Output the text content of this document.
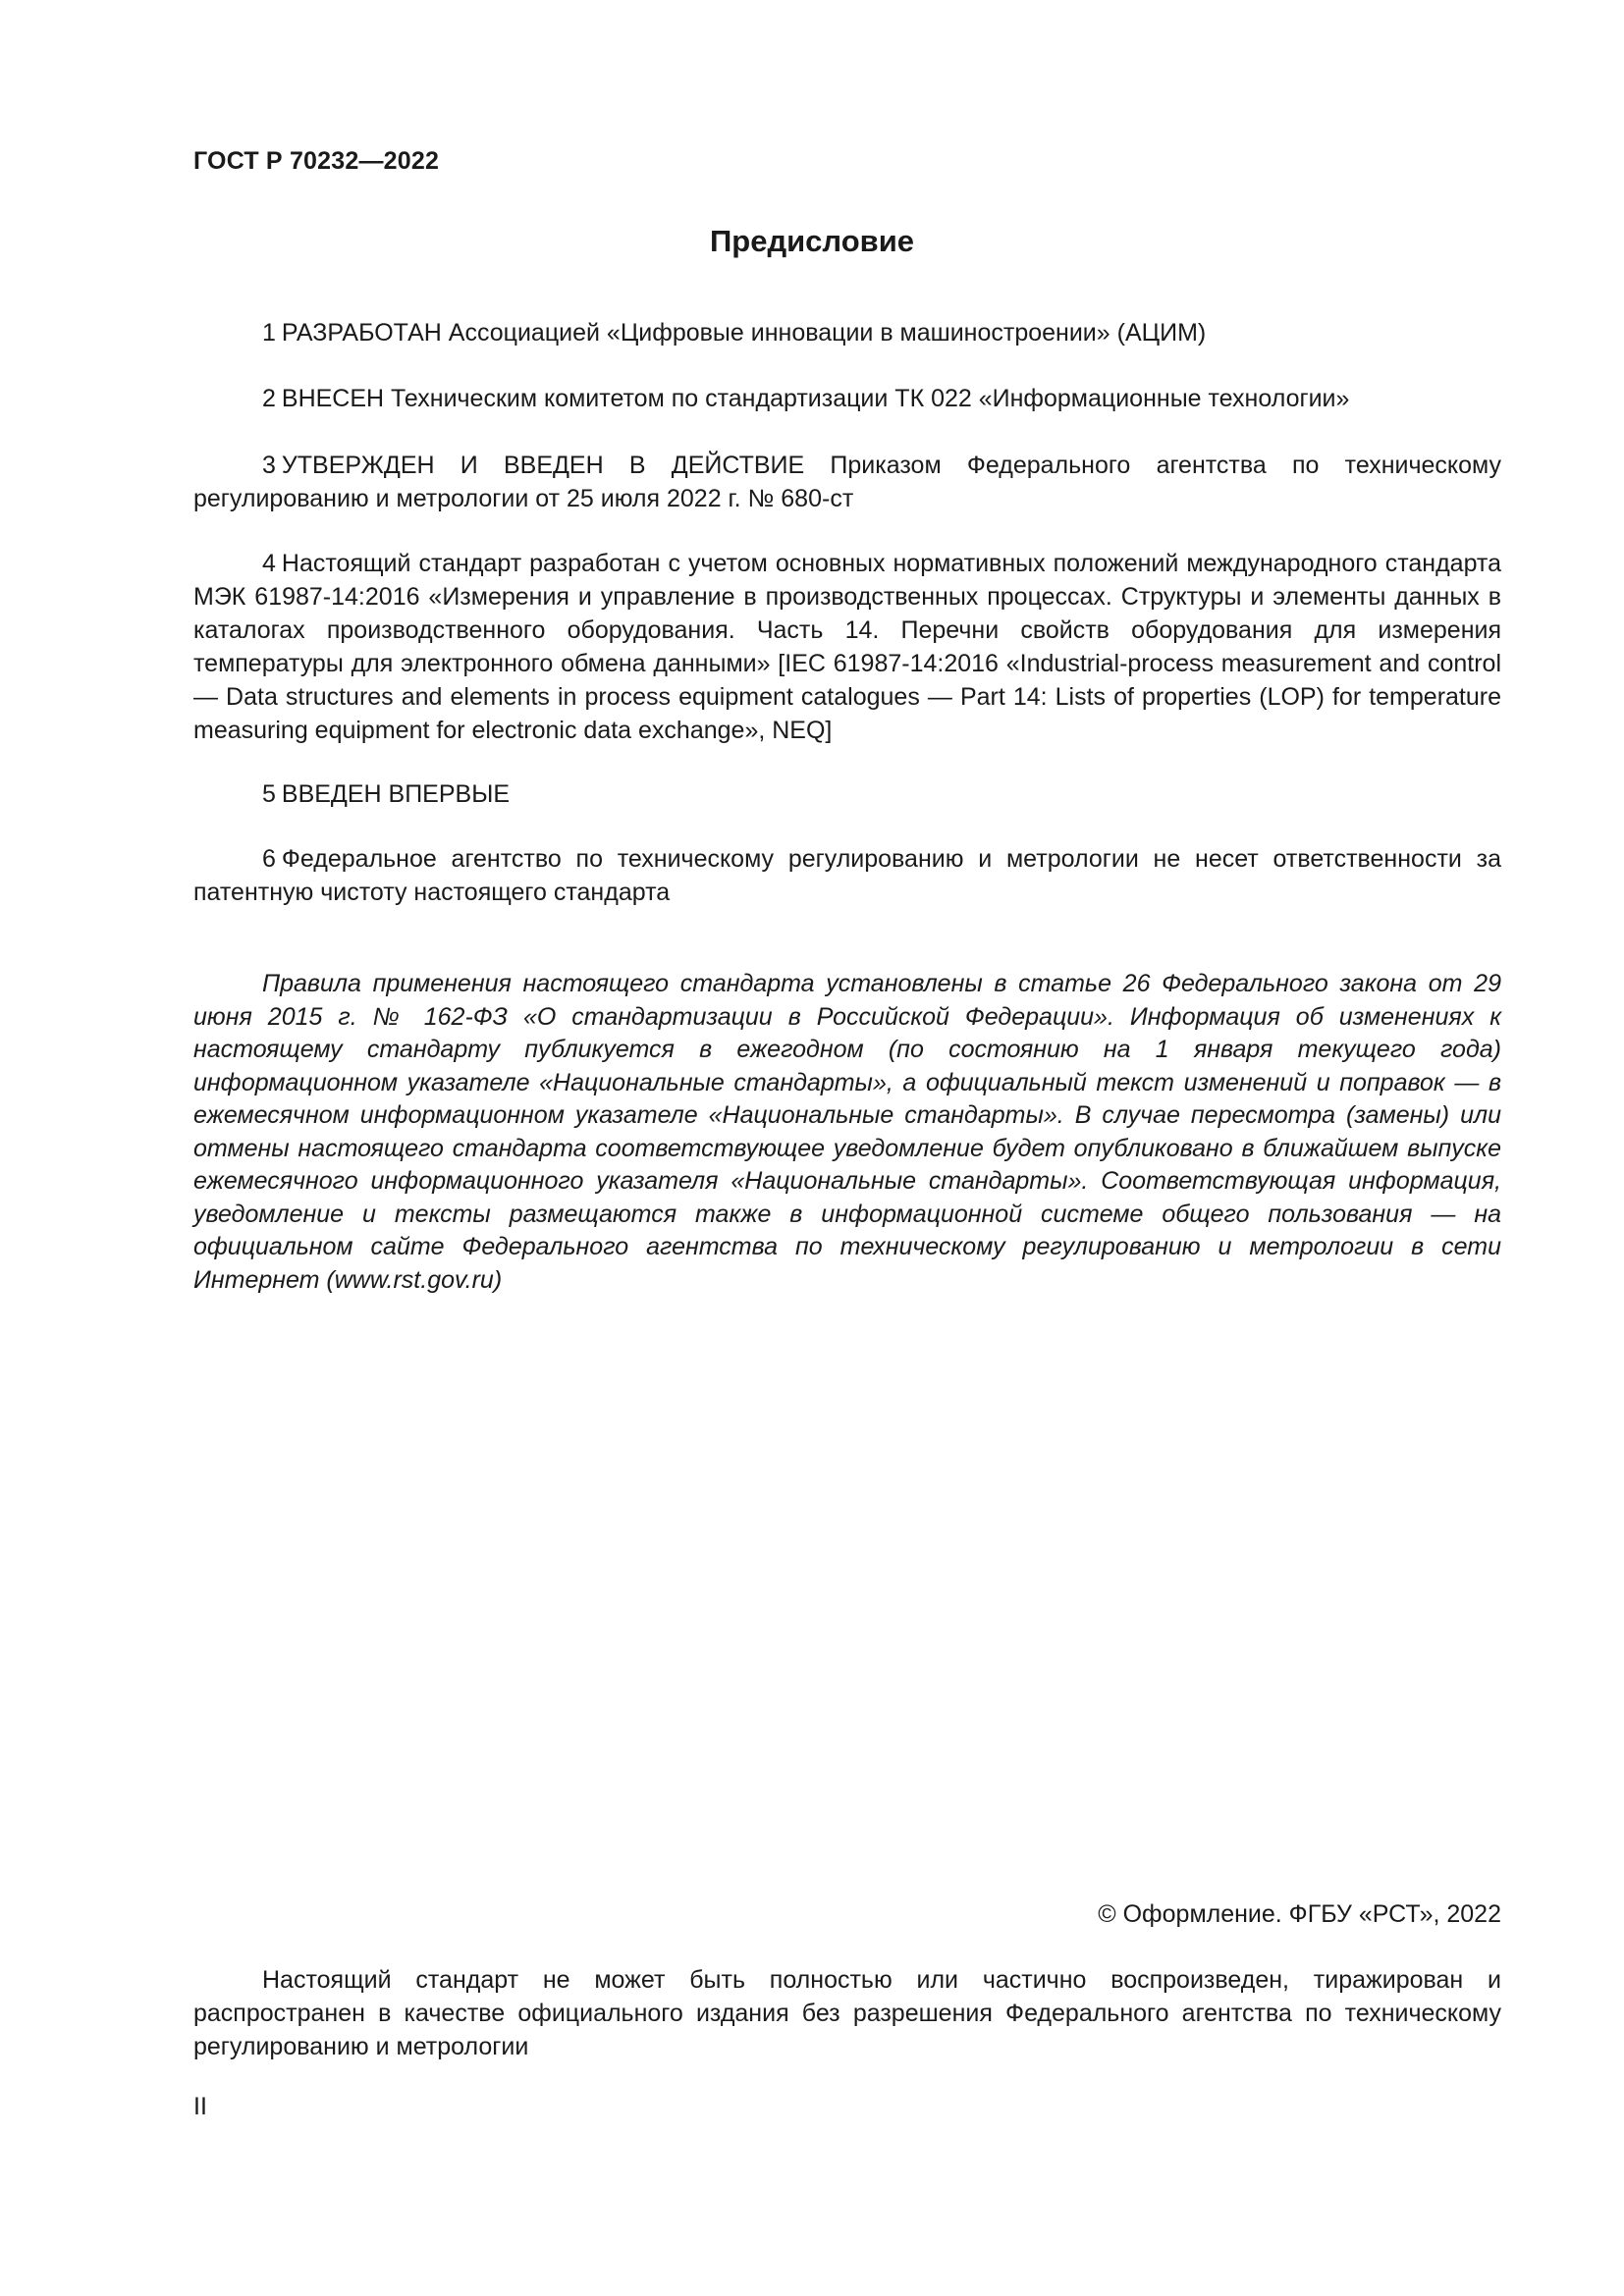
ГОСТ Р 70232—2022
Предисловие

1 РАЗРАБОТАН Ассоциацией «Цифровые инновации в машиностроении» (АЦИМ)

2 ВНЕСЕН Техническим комитетом по стандартизации ТК 022 «Информационные технологии»

3 УТВЕРЖДЕН И ВВЕДЕН В ДЕЙСТВИЕ Приказом Федерального агентства по техническому регулированию и метрологии от 25 июля 2022 г. № 680-ст

4 Настоящий стандарт разработан с учетом основных нормативных положений международного стандарта МЭК 61987-14:2016 «Измерения и управление в производственных процессах. Структуры и элементы данных в каталогах производственного оборудования. Часть 14. Перечни свойств оборудования для измерения температуры для электронного обмена данными» [IEC 61987-14:2016 «Industrial-process measurement and control — Data structures and elements in process equipment catalogues — Part 14: Lists of properties (LOP) for temperature measuring equipment for electronic data exchange», NEQ]

5 ВВЕДЕН ВПЕРВЫЕ

6 Федеральное агентство по техническому регулированию и метрологии не несет ответственности за патентную чистоту настоящего стандарта

Правила применения настоящего стандарта установлены в статье 26 Федерального закона от 29 июня 2015 г. № 162-ФЗ «О стандартизации в Российской Федерации». Информация об изменениях к настоящему стандарту публикуется в ежегодном (по состоянию на 1 января текущего года) информационном указателе «Национальные стандарты», а официальный текст изменений и поправок — в ежемесячном информационном указателе «Национальные стандарты». В случае пересмотра (замены) или отмены настоящего стандарта соответствующее уведомление будет опубликовано в ближайшем выпуске ежемесячного информационного указателя «Национальные стандарты». Соответствующая информация, уведомление и тексты размещаются также в информационной системе общего пользования — на официальном сайте Федерального агентства по техническому регулированию и метрологии в сети Интернет (www.rst.gov.ru)

© Оформление. ФГБУ «РСТ», 2022

Настоящий стандарт не может быть полностью или частично воспроизведен, тиражирован и распространен в качестве официального издания без разрешения Федерального агентства по техническому регулированию и метрологии

II
